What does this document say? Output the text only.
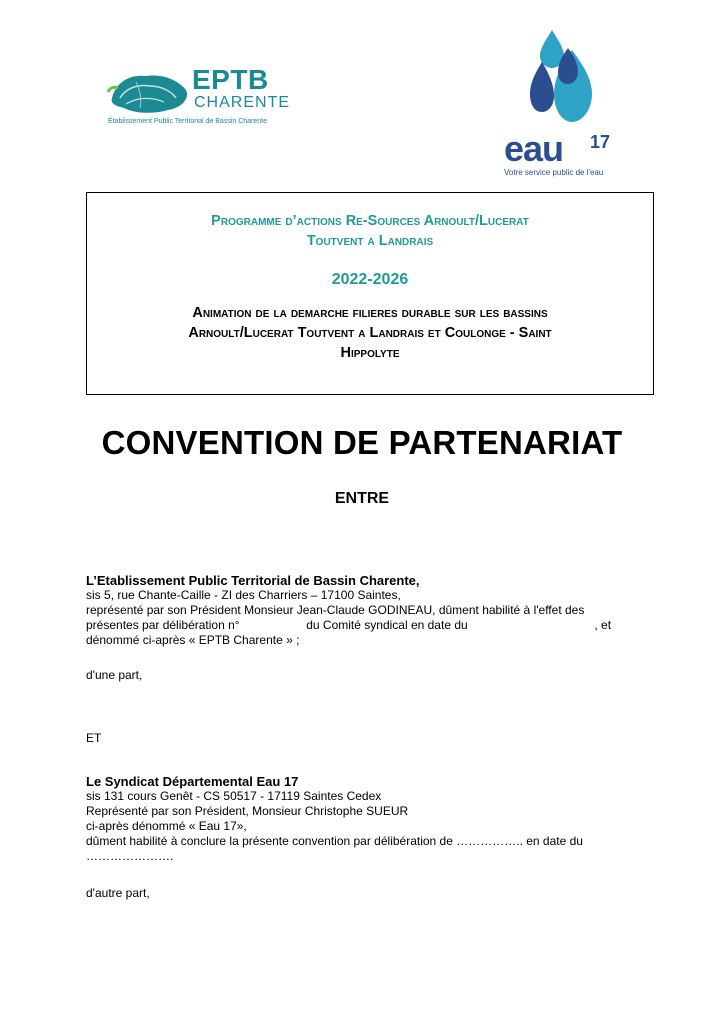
EPTB
CHARENTE
Établissement Public Territorial de Bassin Charente
eau 17
Votre service public de l'eau
Programme d’actions Re-Sources Arnoult/Lucerat
Toutvent a Landrais
2022-2026
Animation de la demarche filieres durable sur les bassins
Arnoult/Lucerat Toutvent a Landrais et Coulonge - Saint
Hippolyte
CONVENTION DE PARTENARIAT
ENTRE
L’Etablissement Public Territorial de Bassin Charente,
sis 5, rue Chante-Caille - ZI des Charriers – 17100 Saintes,
représenté par son Président Monsieur Jean-Claude GODINEAU, dûment habilité à l'effet des
présentes par délibération n°                    du Comité syndical en date du                                      , et
dénommé ci-après « EPTB Charente » ;
d'une part,
ET
Le Syndicat Départemental Eau 17
sis 131 cours Genêt - CS 50517 - 17119 Saintes Cedex
Représenté par son Président, Monsieur Christophe SUEUR
ci-après dénommé « Eau 17»,
dûment habilité à conclure la présente convention par délibération de …………….. en date du
………………….
d'autre part,
